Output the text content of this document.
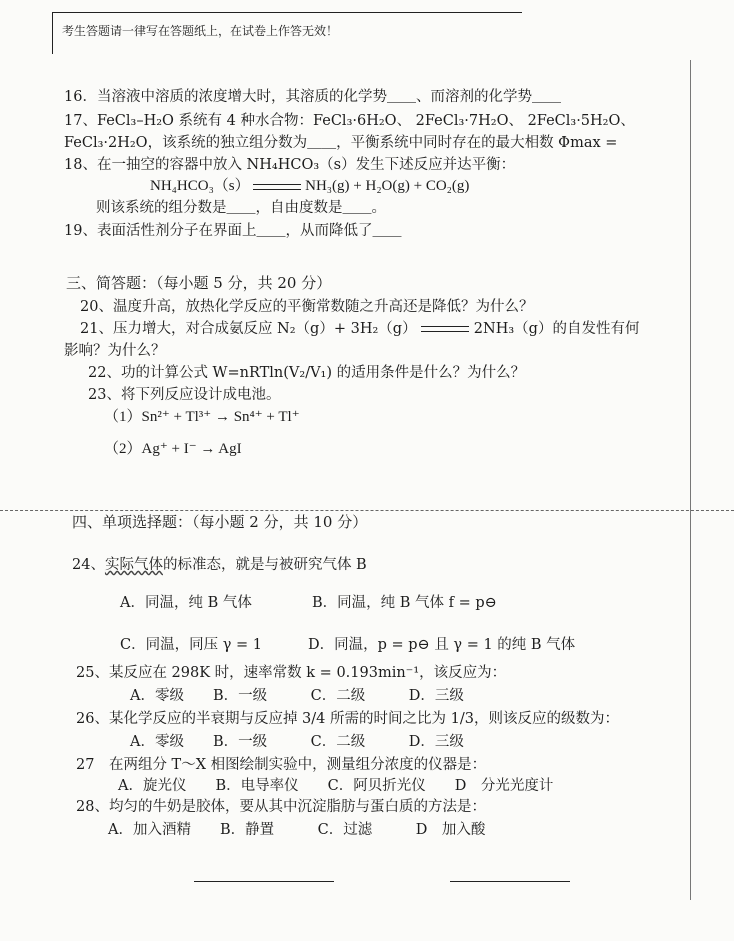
考生答题请一律写在答题纸上，在试卷上作答无效！
16．当溶液中溶质的浓度增大时，其溶质的化学势＿＿、而溶剂的化学势＿＿
17、FeCl₃–H₂O 系统有 4 种水合物：FeCl₃·6H₂O、 2FeCl₃·7H₂O、 2FeCl₃·5H₂O、
FeCl₃·2H₂O，该系统的独立组分数为＿＿，平衡系统中同时存在的最大相数 Φmax =
18、在一抽空的容器中放入 NH₄HCO₃（s）发生下述反应并达平衡：
NH₄HCO₃（s）	NH₃(g) + H₂O(g) + CO₂(g)
则该系统的组分数是＿＿，自由度数是＿＿。
19、表面活性剂分子在界面上＿＿，从而降低了＿＿
三、简答题：（每小题 5 分，共 20 分）
20、温度升高，放热化学反应的平衡常数随之升高还是降低？为什么？
21、压力增大，对合成氨反应 N₂（g）+ 3H₂（g）	2NH₃（g）的自发性有何
影响？为什么？
22、功的计算公式 W=nRTln(V₂/V₁) 的适用条件是什么？为什么？
23、将下列反应设计成电池。
（1）Sn²⁺ + Tl³⁺ → Sn⁴⁺ + Tl⁺
（2）Ag⁺ + I⁻ → AgI
四、单项选择题：（每小题 2 分，共 10 分）
24、实际气体的标准态，就是与被研究气体 B
A．同温，纯 B 气体	B．同温，纯 B 气体 f = p⊖
C．同温，同压 γ = 1	D．同温，p = p⊖ 且 γ = 1 的纯 B 气体
25、某反应在 298K 时，速率常数 k = 0.193min⁻¹，该反应为：
A．零级　　B．一级　　　C．二级　　　D．三级
26、某化学反应的半衰期与反应掉 3/4 所需的时间之比为 1/3，则该反应的级数为：
A．零级　　B．一级　　　C．二级　　　D．三级
27　在两组分 T～X 相图绘制实验中，测量组分浓度的仪器是：
A．旋光仪　　B．电导率仪　　C．阿贝折光仪　　D　分光光度计
28、均匀的牛奶是胶体，要从其中沉淀脂肪与蛋白质的方法是：
A．加入酒精　　B．静置　　　C．过滤　　　D　加入酸
